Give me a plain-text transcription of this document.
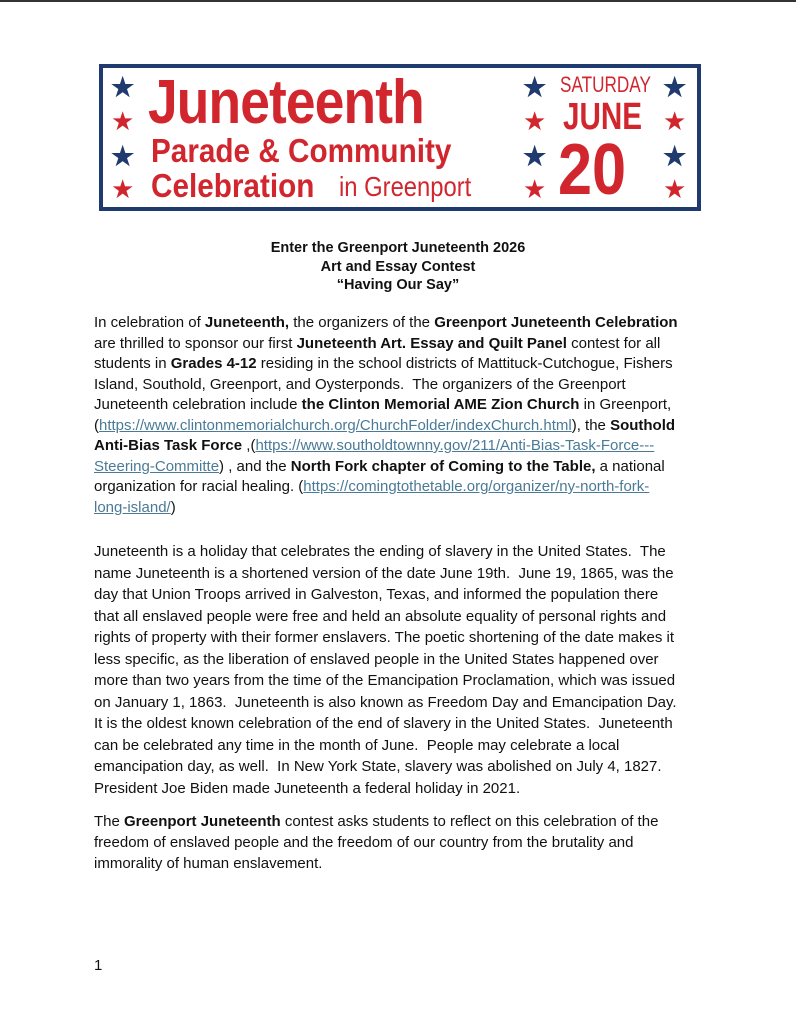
★
★
★
★
Juneteenth
Parade & Community
Celebration in Greenport
★
★
★
★
SATURDAY
JUNE
20
★
★
★
★
Enter the Greenport Juneteenth 2026
Art and Essay Contest
“Having Our Say”
In celebration of Juneteenth, the organizers of the Greenport Juneteenth Celebration
are thrilled to sponsor our first Juneteenth Art. Essay and Quilt Panel contest for all
students in Grades 4-12 residing in the school districts of Mattituck-Cutchogue, Fishers
Island, Southold, Greenport, and Oysterponds.  The organizers of the Greenport
Juneteenth celebration include the Clinton Memorial AME Zion Church in Greenport,
(https://www.clintonmemorialchurch.org/ChurchFolder/indexChurch.html), the Southold
Anti-Bias Task Force ,(https://www.southoldtownny.gov/211/Anti-Bias-Task-Force---
Steering-Committe) , and the North Fork chapter of Coming to the Table, a national
organization for racial healing. (https://comingtothetable.org/organizer/ny-north-fork-
long-island/)
Juneteenth is a holiday that celebrates the ending of slavery in the United States.  The
name Juneteenth is a shortened version of the date June 19th.  June 19, 1865, was the
day that Union Troops arrived in Galveston, Texas, and informed the population there
that all enslaved people were free and held an absolute equality of personal rights and
rights of property with their former enslavers. The poetic shortening of the date makes it
less specific, as the liberation of enslaved people in the United States happened over
more than two years from the time of the Emancipation Proclamation, which was issued
on January 1, 1863.  Juneteenth is also known as Freedom Day and Emancipation Day.
It is the oldest known celebration of the end of slavery in the United States.  Juneteenth
can be celebrated any time in the month of June.  People may celebrate a local
emancipation day, as well.  In New York State, slavery was abolished on July 4, 1827.
President Joe Biden made Juneteenth a federal holiday in 2021.
The Greenport Juneteenth contest asks students to reflect on this celebration of the
freedom of enslaved people and the freedom of our country from the brutality and
immorality of human enslavement.
1
